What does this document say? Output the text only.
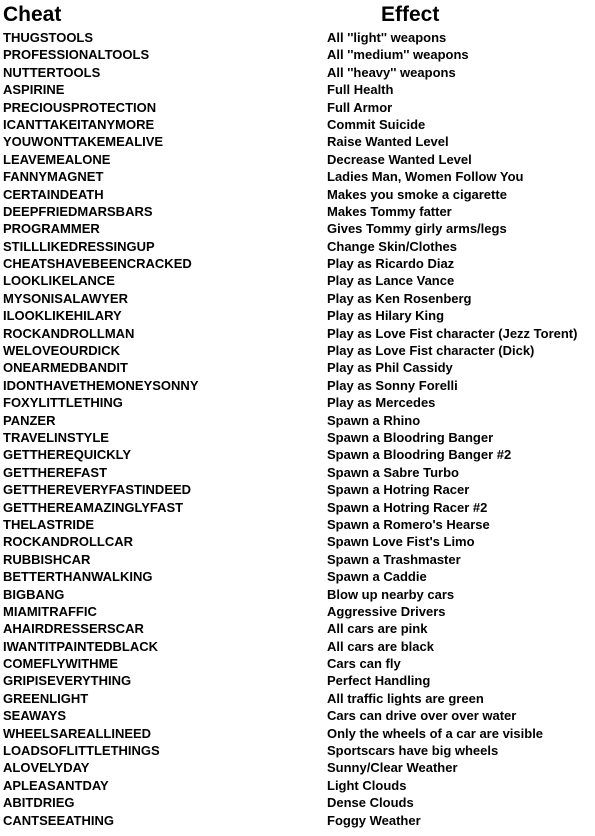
Cheat	Effect
THUGSTOOLS	All ''light'' weapons
PROFESSIONALTOOLS	All ''medium'' weapons
NUTTERTOOLS	All ''heavy'' weapons
ASPIRINE	Full Health
PRECIOUSPROTECTION	Full Armor
ICANTTAKEITANYMORE	Commit Suicide
YOUWONTTAKEMEALIVE	Raise Wanted Level
LEAVEMEALONE	Decrease Wanted Level
FANNYMAGNET	Ladies Man, Women Follow You
CERTAINDEATH	Makes you smoke a cigarette
DEEPFRIEDMARSBARS	Makes Tommy fatter
PROGRAMMER	Gives Tommy girly arms/legs
STILLLIKEDRESSINGUP	Change Skin/Clothes
CHEATSHAVEBEENCRACKED	Play as Ricardo Diaz
LOOKLIKELANCE	Play as Lance Vance
MYSONISALAWYER	Play as Ken Rosenberg
ILOOKLIKEHILARY	Play as Hilary King
ROCKANDROLLMAN	Play as Love Fist character (Jezz Torent)
WELOVEOURDICK	Play as Love Fist character (Dick)
ONEARMEDBANDIT	Play as Phil Cassidy
IDONTHAVETHEMONEYSONNY	Play as Sonny Forelli
FOXYLITTLETHING	Play as Mercedes
PANZER	Spawn a Rhino
TRAVELINSTYLE	Spawn a Bloodring Banger
GETTHEREQUICKLY	Spawn a Bloodring Banger #2
GETTHEREFAST	Spawn a Sabre Turbo
GETTHEREVERYFASTINDEED	Spawn a Hotring Racer
GETTHEREAMAZINGLYFAST	Spawn a Hotring Racer #2
THELASTRIDE	Spawn a Romero's Hearse
ROCKANDROLLCAR	Spawn Love Fist's Limo
RUBBISHCAR	Spawn a Trashmaster
BETTERTHANWALKING	Spawn a Caddie
BIGBANG	Blow up nearby cars
MIAMITRAFFIC	Aggressive Drivers
AHAIRDRESSERSCAR	All cars are pink
IWANTITPAINTEDBLACK	All cars are black
COMEFLYWITHME	Cars can fly
GRIPISEVERYTHING	Perfect Handling
GREENLIGHT	All traffic lights are green
SEAWAYS	Cars can drive over over water
WHEELSAREALLINEED	Only the wheels of a car are visible
LOADSOFLITTLETHINGS	Sportscars have big wheels
ALOVELYDAY	Sunny/Clear Weather
APLEASANTDAY	Light Clouds
ABITDRIEG	Dense Clouds
CANTSEEATHING	Foggy Weather
